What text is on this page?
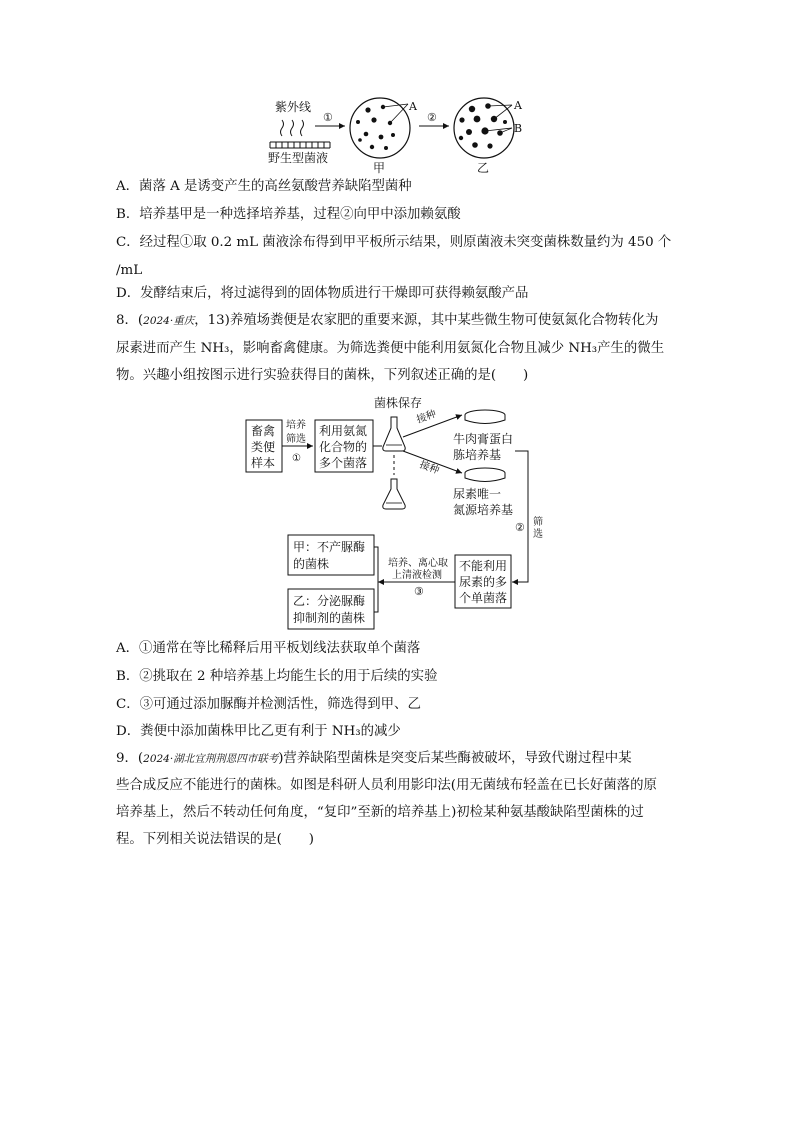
紫外线
野生型菌液
①
A
甲
②
A
B
乙
A．菌落 A 是诱变产生的高丝氨酸营养缺陷型菌种
B．培养基甲是一种选择培养基，过程②向甲中添加赖氨酸
C．经过程①取 0.2 mL 菌液涂布得到甲平板所示结果，则原菌液未突变菌株数量约为 450 个
/mL
D．发酵结束后，将过滤得到的固体物质进行干燥即可获得赖氨酸产品
8．(2024·重庆，13)养殖场粪便是农家肥的重要来源，其中某些微生物可使氨氮化合物转化为
尿素进而产生 NH₃，影响畜禽健康。为筛选粪便中能利用氨氮化合物且减少 NH₃产生的微生
物。兴趣小组按图示进行实验获得目的菌株，下列叙述正确的是(　　)
畜禽
类便
样本
培养
筛选
①
利用氨氮
化合物的
多个菌落
菌株保存
接种
接种
牛肉膏蛋白
胨培养基
尿素唯一
氮源培养基
筛
选
②
不能利用
尿素的多
个单菌落
培养、离心取
上清液检测
③
甲：不产脲酶
的菌株
乙：分泌脲酶
抑制剂的菌株
A．①通常在等比稀释后用平板划线法获取单个菌落
B．②挑取在 2 种培养基上均能生长的用于后续的实验
C．③可通过添加脲酶并检测活性，筛选得到甲、乙
D．粪便中添加菌株甲比乙更有利于 NH₃的减少
9．(2024·湖北宜荆荆恩四市联考)营养缺陷型菌株是突变后某些酶被破坏，导致代谢过程中某
些合成反应不能进行的菌株。如图是科研人员利用影印法(用无菌绒布轻盖在已长好菌落的原
培养基上，然后不转动任何角度，“复印”至新的培养基上)初检某种氨基酸缺陷型菌株的过
程。下列相关说法错误的是(　　)
